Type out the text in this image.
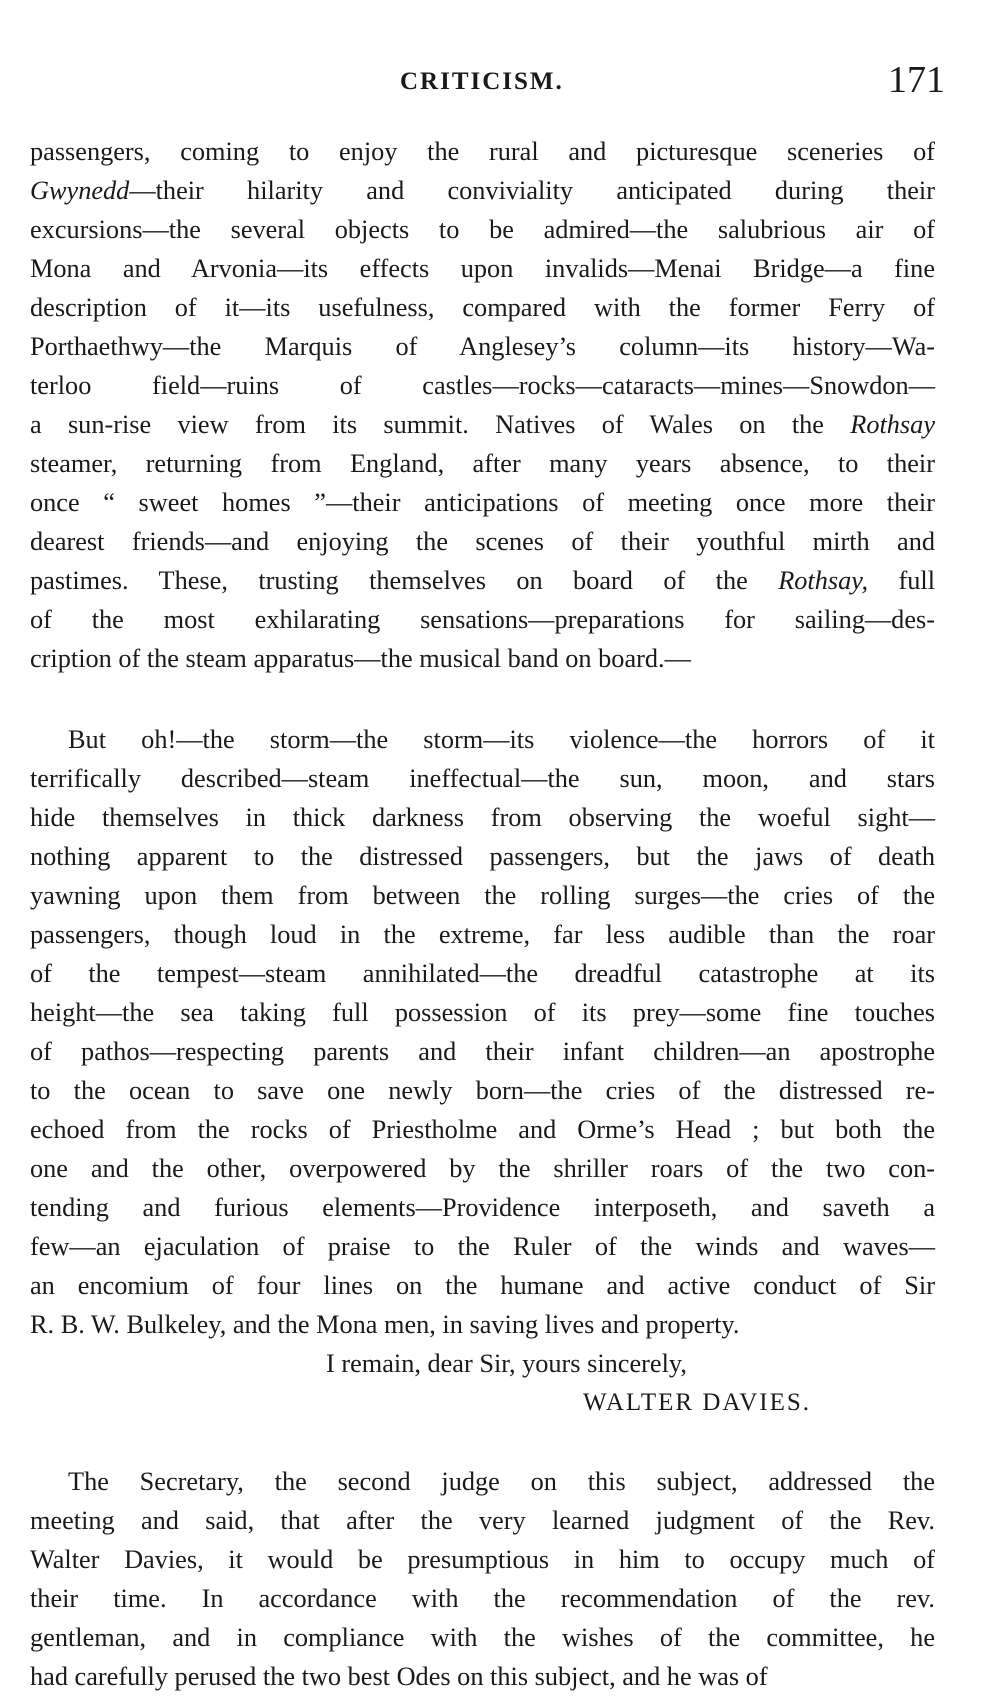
CRITICISM.	171
passengers, coming to enjoy the rural and picturesque sceneries of
Gwynedd—their hilarity and conviviality anticipated during their
excursions—the several objects to be admired—the salubrious air of
Mona and Arvonia—its effects upon invalids—Menai Bridge—a fine
description of it—its usefulness, compared with the former Ferry of
Porthaethwy—the Marquis of Anglesey’s column—its history—Wa-
terloo field—ruins of castles—rocks—cataracts—mines—Snowdon—
a sun-rise view from its summit. Natives of Wales on the Rothsay
steamer, returning from England, after many years absence, to their
once “ sweet homes ”—their anticipations of meeting once more their
dearest friends—and enjoying the scenes of their youthful mirth and
pastimes. These, trusting themselves on board of the Rothsay, full
of the most exhilarating sensations—preparations for sailing—des-
cription of the steam apparatus—the musical band on board.—
But oh!—the storm—the storm—its violence—the horrors of it
terrifically described—steam ineffectual—the sun, moon, and stars
hide themselves in thick darkness from observing the woeful sight—
nothing apparent to the distressed passengers, but the jaws of death
yawning upon them from between the rolling surges—the cries of the
passengers, though loud in the extreme, far less audible than the roar
of the tempest—steam annihilated—the dreadful catastrophe at its
height—the sea taking full possession of its prey—some fine touches
of pathos—respecting parents and their infant children—an apostrophe
to the ocean to save one newly born—the cries of the distressed re-
echoed from the rocks of Priestholme and Orme’s Head ; but both the
one and the other, overpowered by the shriller roars of the two con-
tending and furious elements—Providence interposeth, and saveth a
few—an ejaculation of praise to the Ruler of the winds and waves—
an encomium of four lines on the humane and active conduct of Sir
R. B. W. Bulkeley, and the Mona men, in saving lives and property.
I remain, dear Sir, yours sincerely,
WALTER DAVIES.
The Secretary, the second judge on this subject, addressed the
meeting and said, that after the very learned judgment of the Rev.
Walter Davies, it would be presumptious in him to occupy much of
their time. In accordance with the recommendation of the rev.
gentleman, and in compliance with the wishes of the committee, he
had carefully perused the two best Odes on this subject, and he was of
